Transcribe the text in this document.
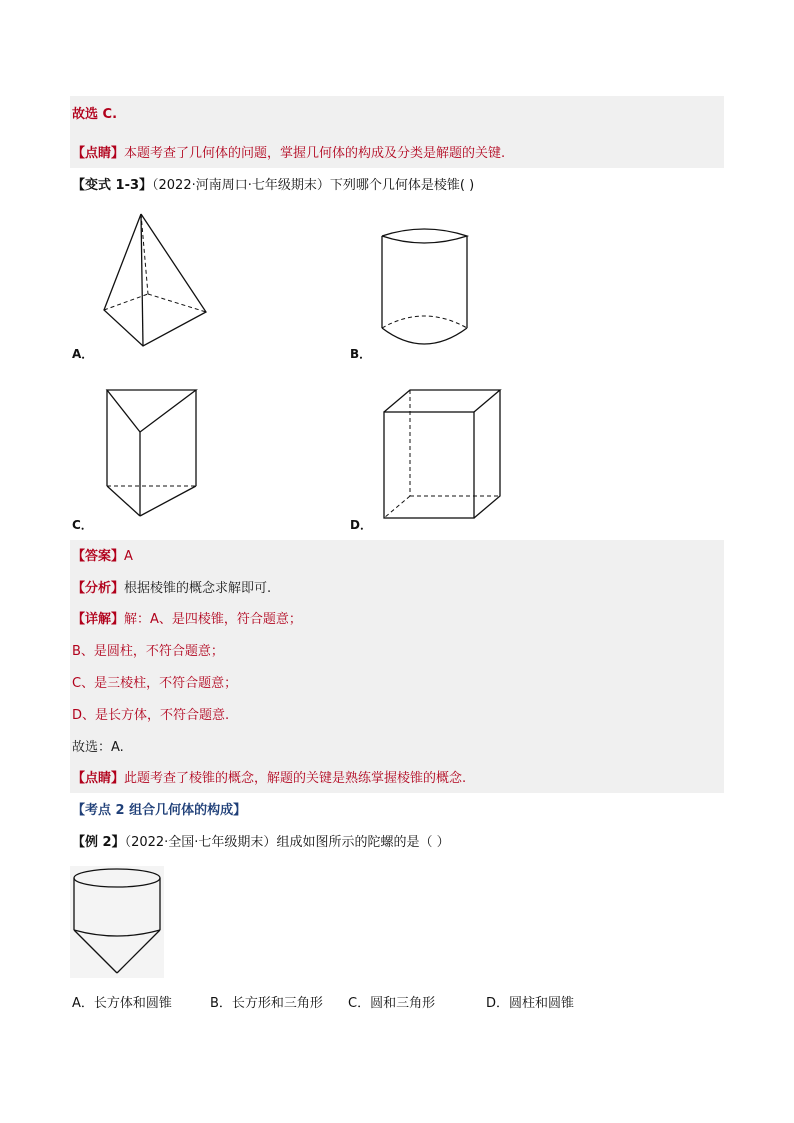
故选 C.
【点睛】本题考查了几何体的问题，掌握几何体的构成及分类是解题的关键.
【变式 1-3】（2022·河南周口·七年级期末）下列哪个几何体是棱锥( )
A．	B．
C．	D．
【答案】A
【分析】根据棱锥的概念求解即可.
【详解】解：A、是四棱锥，符合题意；
B、是圆柱，不符合题意；
C、是三棱柱，不符合题意；
D、是长方体，不符合题意.
故选：A.
【点睛】此题考查了棱锥的概念，解题的关键是熟练掌握棱锥的概念.
【考点 2 组合几何体的构成】
【例 2】（2022·全国·七年级期末）组成如图所示的陀螺的是（ ）
A．长方体和圆锥	B．长方形和三角形 C．圆和三角形	D．圆柱和圆锥
